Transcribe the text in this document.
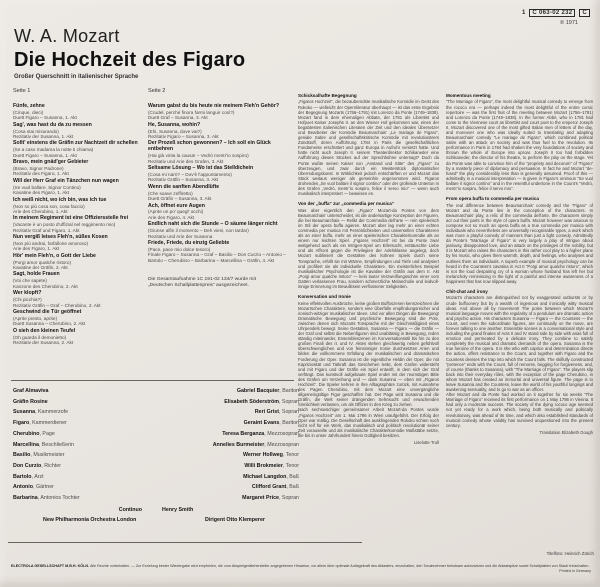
1	C 063-02 232	C
℗ 1971
W. A. Mozart
Die Hochzeit des Figaro
Großer Querschnitt in italienischer Sprache
Seite 1
Fünfe, zehne
(Cinque, dieci)
Duett Figaro – Susanna, 1. Akt
Sag', was hast du da zu messen
(Cosa stai misurando)
Rezitativ der Susanna, 1. Akt
Sollt' einstens die Gräfin zur Nachtzeit dir schellen
(Se a caso madama la notte ti chiama)
Duett Figaro – Susanna, 1. Akt
Bravo, mein gnäd'ger Gebieter
(Bravo, Signor Padrone)
Rezitativ des Figaro, 1. Akt
Will der Herr Graf ein Tänzchen nun wagen
(Se vuol ballare, Signor Contino)
Kavatine des Figaro, 1. Akt
Ich weiß nicht, wo ich bin, was ich tue
(Non so più cosa son, cosa faccio)
Arie des Cherubino, 1. Akt
In meinem Regiment ist eine Offiziersstelle frei
(Vacante è un posto d'uffizial nel reggimento mio)
Rezitativ Graf und Figaro, 1. Akt
Nun vergiß leises Fleh'n, süßes Kosen
(Non più andrai, farfallone amoroso)
Arie des Figaro, 1. Akt
Hör' mein Fleh'n, o Gott der Liebe
(Porgi amor qualche ristoro)
Kavatine der Gräfin, 2. Akt
Sagt, holde Frauen
(Voi che sapete)
Kanzone des Cherubino, 2. Akt
Wer klopft?
(Chi picchia?)
Rezitativ Gräfin – Graf – Cherubino, 2. Akt
Geschwind die Tür geöffnet
(Aprite presto, aprite)
Duett Susanna – Cherubino, 2. Akt
O sieh den kleinen Teufel
(Oh guarda il demonietto)
Rezitativ der Susanna, 2. Akt
Seite 2
Warum gabst du bis heute nie meinem Fleh'n Gehör?
(Crudel, perché finora farmi languir così?)
Duett Graf – Susanna, 3. Akt
He, Susanna, wohin?
(Ehi, Susanna, dove vai?)
Rezitativ Figaro – Susanna, 3. Akt
Der Prozeß schon gewonnen? – Ich soll ein Glück entbehren
(Hai già vinta la causa! – Vedrò mentr'io sospiro)
Rezitativ und Arie des Grafen, 3. Akt
Seltsame Lösung – Wo ist das Stelldichein
(Cosa mi narri? – Dov'è l'appuntamento)
Rezitativ Gräfin – Susanna, 3. Akt
Wenn die sanften Abendlüfte
(Che soave zeffiretto)
Duett Gräfin – Susanna, 3. Akt
Ach, öffnet eure Augen
(Aprite un po' quegl' occhi)
Arie des Figaro, 4. Akt
Endlich naht sich die Stunde – O säume länger nicht
(Giunse alfin il momento – Deh vieni, non tardar)
Rezitativ und Arie der Susanna
Friede, Friede, du einzig Geliebte
(Pace, pace mio dolce tesoro)
Finale Figaro – Susanna – Graf – Basilio – Don Curzio – Antonio – Bartolo – Cherubino – Barbarina – Marcellina – Gräfin, 4. Akt
Die Gesamtaufnahme 1C 191-02 134/7 wurde mit „Deutschen Schallplattenpreis“ ausgezeichnet.
Schicksalhafte Begegnung
„Figaros Hochzeit“, die bezauberndste musikalische Komödie im Geist des Rokoko — vielleicht der Opernliteratur überhaupt — ist das erste Ergebnis der Begegnung Mozarts (1756–1791) mit Lorenzo da Ponte (1749–1838). Mozart fand in dem ehemaligen Abbate, der 1781 als Librettist und Hofpoet Kaiser Josephs II. an den Wiener Hof gekommen war, einen der begabtesten italienischen Literaten der Zeit und den idealen Übersetzer und Bearbeiter der Komödie Beaumarchais’ „Le mariage de Figaro“, geniale Satire und gesellschaftskritische Komödie mit revolutionärem Zündstoff, deren Aufführung 1784 in Paris die gesellschaftlichen Fundamente erschüttert und ganz Europa in Aufruhr versetzt hatte. Und hatte nicht auch Joseph II. seinem Theaterdirektor Schikaneder eine Aufführung dieses Stückes auf der Sprechbühne untersagt? Doch da Ponte wußte seinen Kaiser von „Anstand und Sitte“ des „Figaro“ zu überzeugen, und zwar durch ein Meisterstück diplomatischer Überredungskunst. In Wirklichkeit jedoch entschärften er und Mozart das Stück weitaus weniger als gemeinhin angenommen wird. Figaros drohendes „Se vuol ballare il signor contino“ oder der grollende Unterton in des Grafen „Vedrò, mentr’io sospiro, felice il servo mio“ — wenn auch musikalisch interpretiert — beweisen es.
Von der „buffa“ zur „commedia per musica“
Was aber eigentlich den „Figaro“ Mozart-da Pontes von dem Beaumarchais’ unterscheidet, ist die andersartige Konzeption der Figuren, die bei Beaumarchais — Relikt der Commedia dell’arte — rein spielerisch im Stil der opera buffa agieren. Mozart aber lag mehr an einer echten commedia per musica mit Persönlichkeiten und universellen Charakteren als an einer buffa, mehr an einer spielerischen Charakterkomödie als an einem nur leichten Spiel. „Figaros Hochzeit“ ist bei da Ponte zwar weitgehend auch als ein Intrigen-Spiel um Eifersucht, enttäuschte Liebe und als Affront gegen die Privilegien der Adelsklasse angelegt, doch Mozart sublimiert die Gestalten des kühnen Spiels durch seine Tonsprache, erfüllt sie mit Wärme, Empfindungen und Tiefe und analysiert und profiliert sie als individuelle Charaktere. Ein meisterliches Beispiel musikalischer Psychologie ist die Kavatine der Gräfin aus dem II. Akt „Porgi amor qualche ristoro“ — kein lauter Verzweiflungsschrei einer vom Gatten verlassenen Frau, sondern schmerzliche Melancholie und leidvoll-innige Erinnerung im Bewußtsein verflossener Seligkeiten.
Konversation und Ironie
Keine effektvollen Ausbrüche, keine großen Buffoszenen kennzeichnen die Mozartschen Charaktere, sondern eine Überfülle empfindungsreicher und ironisch-witziger musikalischer Ideen. Und vor allen Dingen die Bewegung! Dramatische Bewegung und psychische Bewegung sind die Pole, zwischen denen sich Mozarts Tonsprache mit der Gleichmäßigkeit eines Uhrpendels bewegt. Seine Gestalten, Susanna — Figaro — die Gräfin — der Graf und selbst die Nebenfiguren sind unablässig in Bewegung, reden ständig miteinander, Ensembleszenen im Konversationsstil bis hin zu den großen Finali des II. und IV. Aktes stehen gleichwertig neben gefühlvoll überschwenglichen und von feinsinniger Ironie durchsetzten Arien und bilden die vollkommene Erfüllung der musikalischen und dramatischen Forderung der Oper. Susanna ist die eigentliche Heldin der Oper, die mit Kapriziosität und Tatkraft das Geschehen lenkt, dem Grafen widersteht und mit Figaro und der Gräfin ein Spiel entwirft, in dem sich der Graf verfängt. Das kunstvoll aufgebaute Spiel endet mit der reumütigen Bitte des Grafen um Verzeihung und — dank Susanna — eben mit „Figaros Hochzeit“. Die Spieler kehren in ihre Alltagssphäre zurück, mit Ausnahme des Pagen Cherubino, mit dem Mozart eine unvergängliche allgemeingültige Figur geschaffen hat. Der Page wird Susanna und die Gräfin, die Welt seiner drängenden Sehnsucht und erwachenden Sinnlichkeit verlassen, um als Offizier in den Krieg zu ziehen.
Nach sechswöchiger gemeinsamer Arbeit Mozart-da Pontes wurde „Figaros Hochzeit“ am 1. Mai 1786 in Wien uraufgeführt. Der Erfolg der Oper war mäßig. Die Gesellschaft des ausklingenden Rokoko schien noch nicht reif für ein Werk, das musikalisch und politisch revolutionär seiner Zeit vorauseilte und als musikalische Charakterkomödie Maßstäbe setzte, die bis in unser Jahrhundert hinein Gültigkeit besitzen.
Liselotte Troll
Momentous meeting
“The Marriage of Figaro”, the most delightful musical comedy to emerge from the rococo era — perhaps indeed the most delightful of the entire comic repertoire — was the first fruit of the meeting between Mozart (1756–1791) and Lorenzo da Ponte (1749–1838). In the former Abbé, who in 1781 had come to the Viennese court as librettist and court poet to the emperor Joseph II, Mozart discovered one of the most gifted Italian men of letters of the day, and moreover one who was ideally suited to translating and adapting Beaumarchais’ comedy “Le mariage de Figaro”, which combined political satire with an attack on society and was thus fuel to the revolution. Its performance in Paris in 1784 had shaken the very foundations of society and thrown the whole of Europe into uproar. Joseph II too had forbidden Schikaneder, the director of his theatre, to perform the play on the stage. Yet da Ponte was able to convince him of the “propriety and decorum” of “Figaro” by a masterly piece of diplomacy and persuasion. In fact he and Mozart “de-fused” the play considerably less than is generally assumed. Proof of this — admittedly in a musical interpretation — is given in Figaro’s ominous “Se vuol ballare il signor contino” and in the resentful undertone in the Count’s “Vedrò, mentr’io sospiro, felice il servo mio”.
From opera buffa to commedia per musica
The real difference between Beaumarchais’ comedy and the “Figaro” of Mozart and da Ponte lies in the conception of the characters. In Beaumarchais’ play, a relic of the commedia dell’arte, the characters simply act out their parts in the style of opera buffa. Mozart however was anxious to compose not so much an opera buffa as a true commedia per musica with individuals who nevertheless are universally recognisable types, a work which was more a playful comedy of manners than just a light comedy. Admittedly da Ponte’s “Marriage of Figaro” is very largely a play of intrigue about jealousy, disappointed love, and an attack on the privileges of the nobility, but it is Mozart who raises the characters in this rather cool play to a higher plane by his music, who gives them warmth, depth, and feelings, who analyses and outlines them as individuals. A superb example of musical psychology can be heard in the Countess’s cavatina in Act II “Porgi amor qualche ristoro”, which is not the loud despairing cry of a woman whose husband has left her but melancholy reminiscing in the light of a painful and intense awareness of a happiness that has now slipped away.
Chit-chat and irony
Mozart’s characters are distinguished not by exaggerated outbursts or by crude buffoonery but by a wealth of ingenious and ironically witty musical ideas. And above all by movement! The poles between which Mozart’s musical language moves with the regularity of a pendulum are dramatic action and psychic action. His characters Susanna — Figaro — the Countess — the Count, and even the subordinate figures, are continually on the move, are forever talking to one another. Ensemble scenes in a conversational style and including the grand finales of Acts II and IV stand side by side with arias full of emotion and permeated by a delicate irony. They combine to satisfy completely the musical and dramatic demands of the opera. Susanna is the true heroine of the opera. It is she who with caprice and determination directs the action, offers resistance to the Count, and together with Figaro and the Countess devises the trap into which the Count falls. The skilfully constructed “pretence” ends with the Count, full of remorse, begging for forgiveness, and, of course (thanks to Susanna), with “The Marriage of Figaro”. The players slip back into their everyday rôles, with the exception of the page Cherubino, in whom Mozart has created an immortal and universal figure. The page is to leave Susanna and the Countess, leave the world of his youthful longings and awakening sensuality, and to go to war as an officer.
After Mozart and da Ponte had worked on it together for six weeks “The Marriage of Figaro” received its first performance on 1 May 1786 in Vienna. It had only a moderate success. The society of the dying rococo age seemed not yet ready for a work which, being both musically and politically revolutionary, was ahead of its time, and which also established standards of musical comedy whose validity has survived unquestioned into the present century.
Translation Elizabeth Gough
Graf Almaviva	Gabriel Bacquier, Bariton
Gräfin Rosine	Elisabeth Söderström, Sopran
Susanna, Kammerzofe	Reri Grist, Sopran
Figaro, Kammerdiener	Geraint Evans, Bariton
Cherubino, Page	Teresa Berganza, Mezzosopran
Marcellina, Beschließerin	Annelies Burmeister, Mezzosopran
Basilio, Musikmeister	Werner Hollweg, Tenor
Don Curzio, Richter	Willi Brokmeier, Tenor
Bartolo, Arzt	Michael Langdon, Baß
Antonio, Gärtner	Clifford Grant, Baß
Barbarina, Antonios Tochter	Margaret Price, Sopran
Continuo	Henry Smith
New Philharmonia Orchestra London	Dirigent Otto Klemperer
Titelfoto: Heinrich Zürich
ELECTROLA GESELLSCHAFT M.B.H. KÖLN. Alle Rechte vorbehalten. — Zur Erzielung bester Wiedergabe wird empfohlen, die vom Abspielgerätehersteller angegebenen Hinweise, vor allem über optimale Auflagekraft des Abtasters, einzuhalten, den Tonabnehmer behutsam aufzusetzen und die Abtastspitze sowie Schallplatten von Staub freizuhalten.
Printed in Germany
